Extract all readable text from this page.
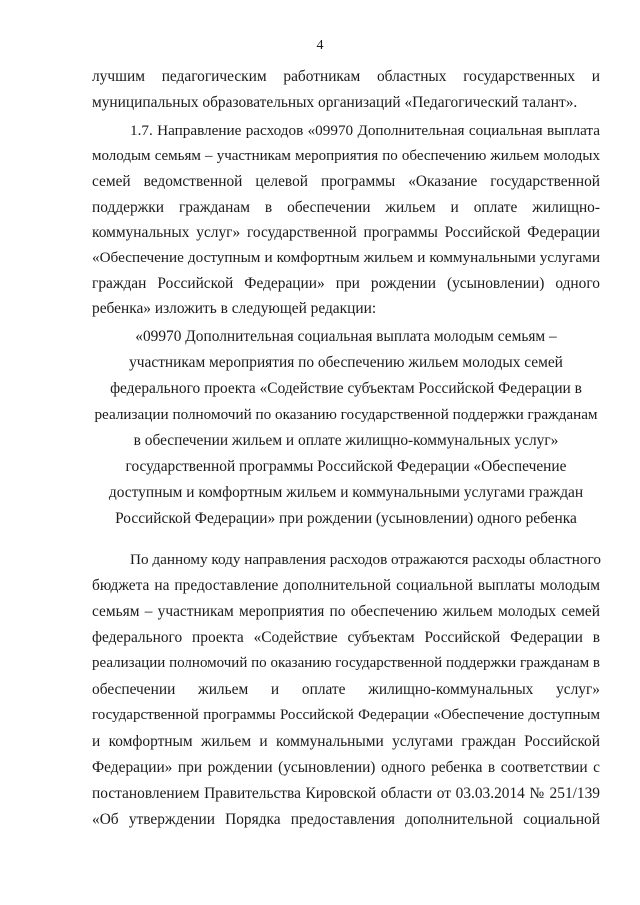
4
лучшим педагогическим работникам областных государственных и
муниципальных образовательных организаций «Педагогический талант».
1.7. Направление расходов «09970 Дополнительная социальная выплата
молодым семьям – участникам мероприятия по обеспечению жильем молодых
семей ведомственной целевой программы «Оказание государственной
поддержки гражданам в обеспечении жильем и оплате жилищно-
коммунальных услуг» государственной программы Российской Федерации
«Обеспечение доступным и комфортным жильем и коммунальными услугами
граждан Российской Федерации» при рождении (усыновлении) одного
ребенка» изложить в следующей редакции:
«09970 Дополнительная социальная выплата молодым семьям –
участникам мероприятия по обеспечению жильем молодых семей
федерального проекта «Содействие субъектам Российской Федерации в
реализации полномочий по оказанию государственной поддержки гражданам
в обеспечении жильем и оплате жилищно-коммунальных услуг»
государственной программы Российской Федерации «Обеспечение
доступным и комфортным жильем и коммунальными услугами граждан
Российской Федерации» при рождении (усыновлении) одного ребенка
По данному коду направления расходов отражаются расходы областного
бюджета на предоставление дополнительной социальной выплаты молодым
семьям – участникам мероприятия по обеспечению жильем молодых семей
федерального проекта «Содействие субъектам Российской Федерации в
реализации полномочий по оказанию государственной поддержки гражданам в
обеспечении жильем и оплате жилищно-коммунальных услуг»
государственной программы Российской Федерации «Обеспечение доступным
и комфортным жильем и коммунальными услугами граждан Российской
Федерации» при рождении (усыновлении) одного ребенка в соответствии с
постановлением Правительства Кировской области от 03.03.2014 № 251/139
«Об утверждении Порядка предоставления дополнительной социальной
